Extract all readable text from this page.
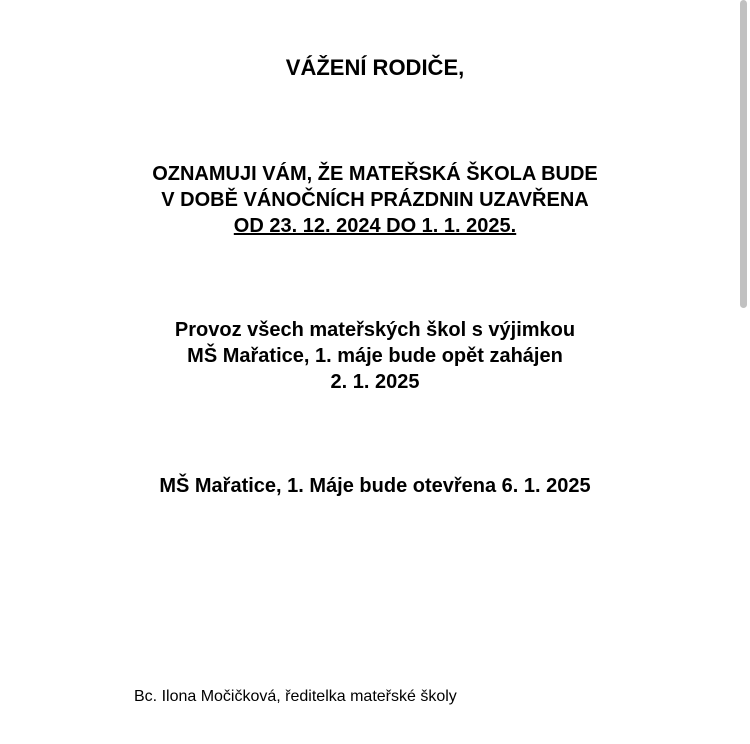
VÁŽENÍ RODIČE,
OZNAMUJI VÁM, ŽE MATEŘSKÁ ŠKOLA BUDE
V DOBĚ VÁNOČNÍCH PRÁZDNIN UZAVŘENA
OD 23. 12. 2024 DO 1. 1. 2025.
Provoz všech mateřských škol s výjimkou
MŠ Mařatice, 1. máje bude opět zahájen
2. 1. 2025
MŠ Mařatice, 1. Máje bude otevřena 6. 1. 2025
Bc. Ilona Močičková, ředitelka mateřské školy
